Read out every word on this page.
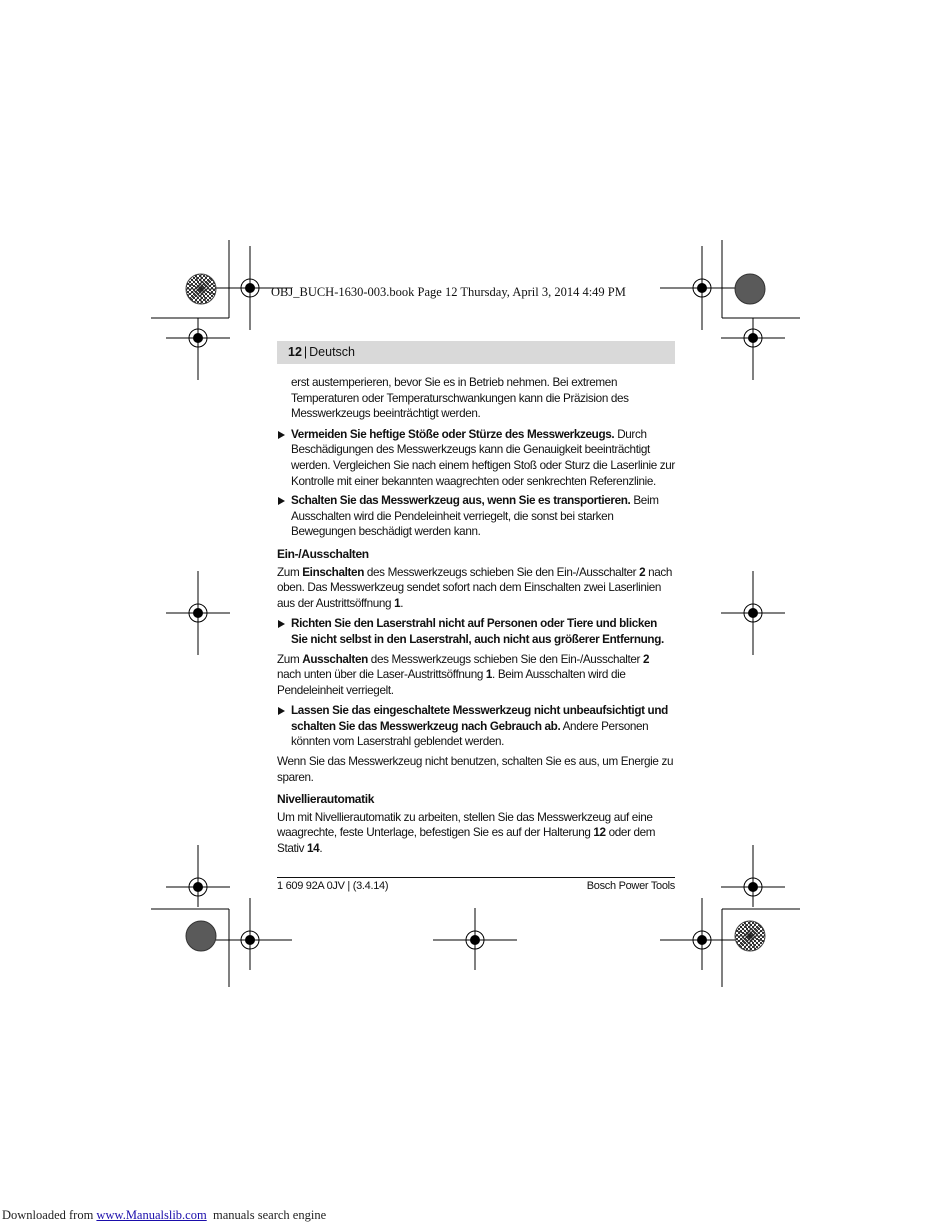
OBJ_BUCH-1630-003.book Page 12 Thursday, April 3, 2014 4:49 PM
12 | Deutsch

erst austemperieren, bevor Sie es in Betrieb nehmen. Bei extremen Temperaturen oder Temperaturschwankungen kann die Präzision des Messwerkzeugs beeinträchtigt werden.

Vermeiden Sie heftige Stöße oder Stürze des Messwerkzeugs. Durch Beschädigungen des Messwerkzeugs kann die Genauigkeit beeinträchtigt werden. Vergleichen Sie nach einem heftigen Stoß oder Sturz die Laserlinie zur Kontrolle mit einer bekannten waagrechten oder senkrechten Referenzlinie.
Schalten Sie das Messwerkzeug aus, wenn Sie es transportieren. Beim Ausschalten wird die Pendeleinheit verriegelt, die sonst bei starken Bewegungen beschädigt werden kann.
Ein-/Ausschalten

Zum Einschalten des Messwerkzeugs schieben Sie den Ein-/Ausschalter 2 nach oben. Das Messwerkzeug sendet sofort nach dem Einschalten zwei Laserlinien aus der Austrittsöffnung 1.

Richten Sie den Laserstrahl nicht auf Personen oder Tiere und blicken Sie nicht selbst in den Laserstrahl, auch nicht aus größerer Entfernung.

Zum Ausschalten des Messwerkzeugs schieben Sie den Ein-/Ausschalter 2 nach unten über die Laser-Austrittsöffnung 1. Beim Ausschalten wird die Pendeleinheit verriegelt.

Lassen Sie das eingeschaltete Messwerkzeug nicht unbeaufsichtigt und schalten Sie das Messwerkzeug nach Gebrauch ab. Andere Personen könnten vom Laserstrahl geblendet werden.

Wenn Sie das Messwerkzeug nicht benutzen, schalten Sie es aus, um Energie zu sparen.

Nivellierautomatik

Um mit Nivellierautomatik zu arbeiten, stellen Sie das Messwerkzeug auf eine waagrechte, feste Unterlage, befestigen Sie es auf der Halterung 12 oder dem Stativ 14.

1 609 92A 0JV | (3.4.14)	Bosch Power Tools
Downloaded from www.Manualslib.com  manuals search engine
